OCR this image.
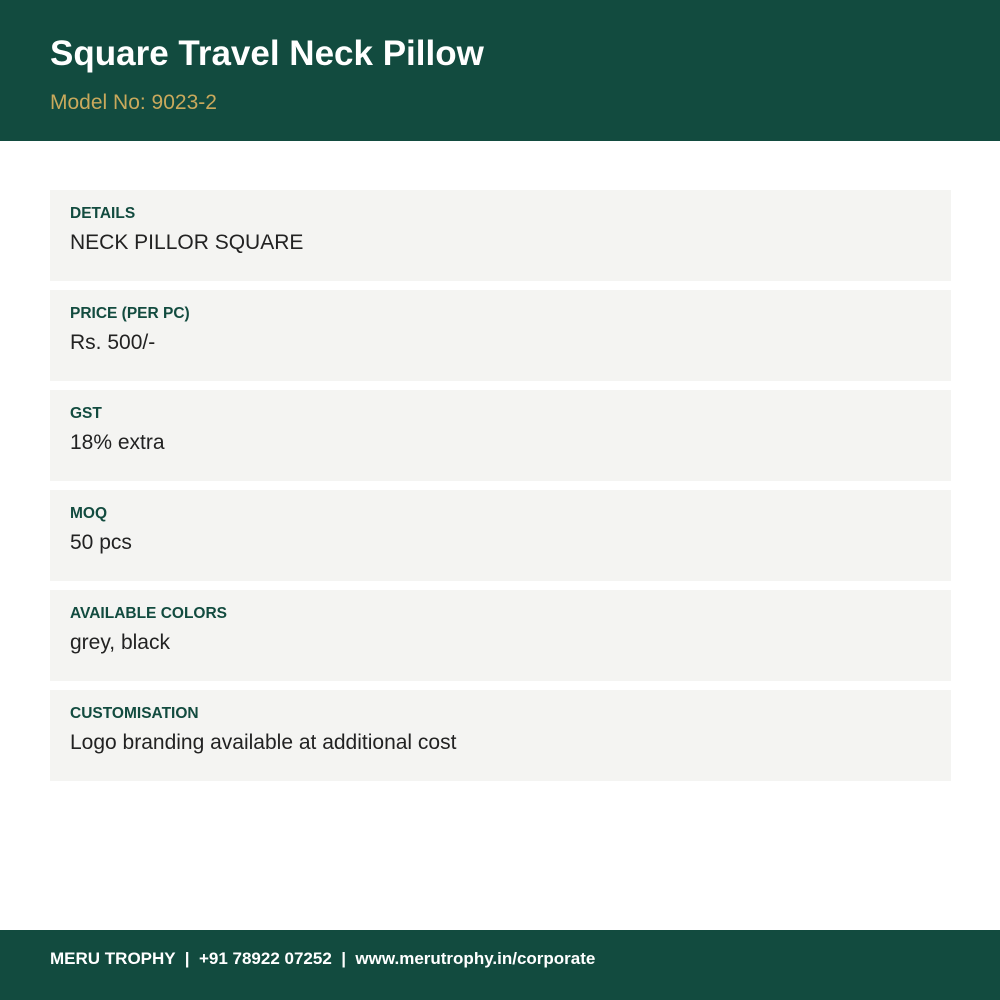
Square Travel Neck Pillow
Model No: 9023-2
DETAILS
NECK PILLOR SQUARE
PRICE (PER PC)
Rs. 500/-
GST
18% extra
MOQ
50 pcs
AVAILABLE COLORS
grey, black
CUSTOMISATION
Logo branding available at additional cost
MERU TROPHY  |  +91 78922 07252  |  www.merutrophy.in/corporate
